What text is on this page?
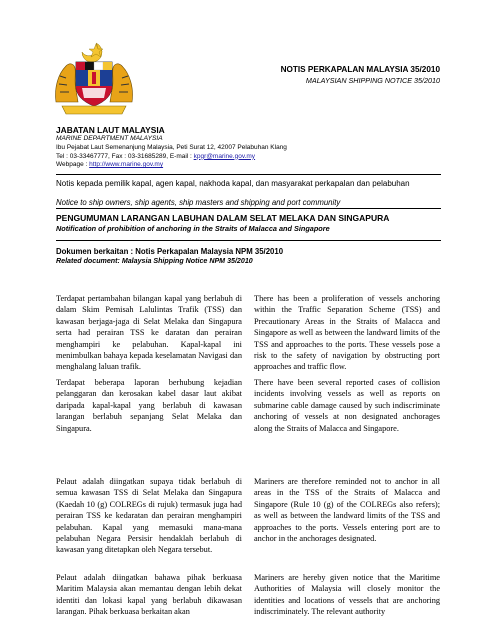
NOTIS PERKAPALAN MALAYSIA 35/2010
MALAYSIAN SHIPPING NOTICE 35/2010
JABATAN LAUT MALAYSIA
MARINE DEPARTMENT MALAYSIA
Ibu Pejabat Laut Semenanjung Malaysia, Peti Surat 12, 42007 Pelabuhan Klang
Tel : 03-33467777, Fax : 03-31685289, E-mail : kpgr@marine.gov.my
Webpage : http://www.marine.gov.my
Notis kepada pemilik kapal, agen kapal, nakhoda kapal, dan masyarakat perkapalan dan pelabuhan
Notice to ship owners, ship agents, ship masters and shipping and port community
PENGUMUMAN LARANGAN LABUHAN DALAM SELAT MELAKA DAN SINGAPURA
Notification of prohibition of anchoring in the Straits of Malacca and Singapore
Dokumen berkaitan : Notis Perkapalan Malaysia NPM 35/2010
Related document: Malaysia Shipping Notice NPM 35/2010
Terdapat pertambahan bilangan kapal yang berlabuh di dalam Skim Pemisah Lalulintas Trafik (TSS) dan kawasan berjaga-jaga di Selat Melaka dan Singapura serta had perairan TSS ke daratan dan perairan menghampiri ke pelabuhan. Kapal-kapal ini menimbulkan bahaya kepada keselamatan Navigasi dan menghalang laluan trafik.
There has been a proliferation of vessels anchoring within the Traffic Separation Scheme (TSS) and Precautionary Areas in the Straits of Malacca and Singapore as well as between the landward limits of the TSS and approaches to the ports. These vessels pose a risk to the safety of navigation by obstructing port approaches and traffic flow.
Terdapat beberapa laporan berhubung kejadian pelanggaran dan kerosakan kabel dasar laut akibat daripada kapal-kapal yang berlabuh di kawasan larangan berlabuh sepanjang Selat Melaka dan Singapura.
There have been several reported cases of collision incidents involving vessels as well as reports on submarine cable damage caused by such indiscriminate anchoring of vessels at non designated anchorages along the Straits of Malacca and Singapore.
Pelaut adalah diingatkan supaya tidak berlabuh di semua kawasan TSS di Selat Melaka dan Singapura (Kaedah 10 (g) COLREGs di rujuk) termasuk juga had perairan TSS ke kedaratan dan perairan menghampiri pelabuhan. Kapal yang memasuki mana-mana pelabuhan Negara Persisir hendaklah berlabuh di kawasan yang ditetapkan oleh Negara tersebut.
Mariners are therefore reminded not to anchor in all areas in the TSS of the Straits of Malacca and Singapore (Rule 10 (g) of the COLREGs also refers); as well as between the landward limits of the TSS and approaches to the ports. Vessels entering port are to anchor in the anchorages designated.
Pelaut adalah diingatkan bahawa pihak berkuasa Maritim Malaysia akan memantau dengan lebih dekat identiti dan lokasi kapal yang berlabuh dikawasan larangan. Pihak berkuasa berkaitan akan
Mariners are hereby given notice that the Maritime Authorities of Malaysia will closely monitor the identities and locations of vessels that are anchoring indiscriminately. The relevant authority
